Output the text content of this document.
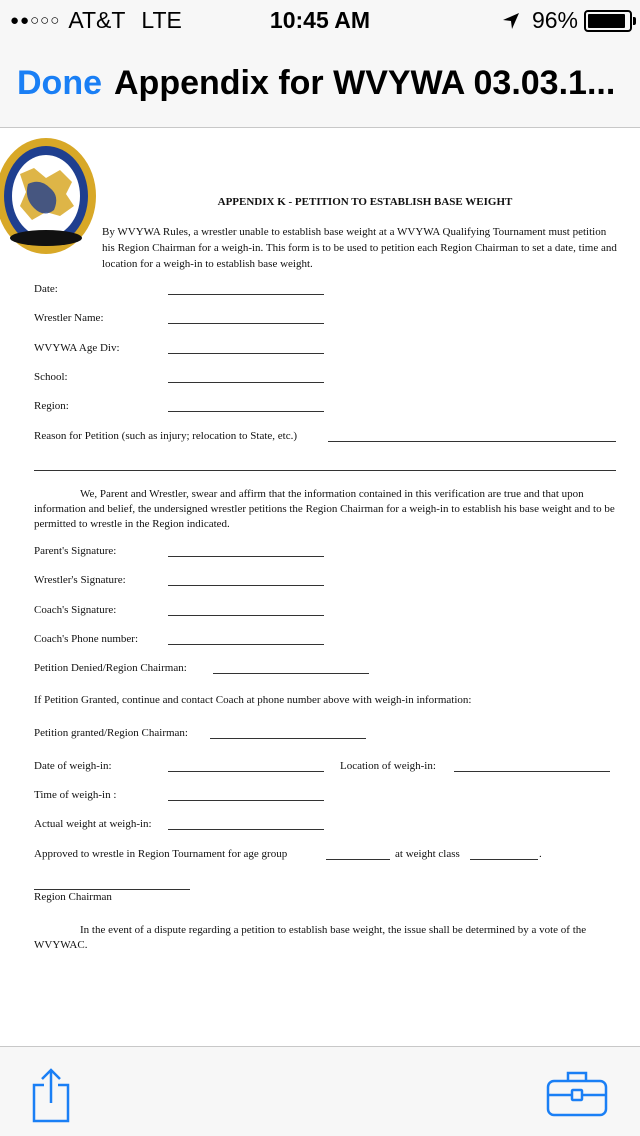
●●○○○ AT&T LTE	10:45 AM	96%
Done Appendix for WVYWA 03.03.1...
APPENDIX K - PETITION TO ESTABLISH BASE WEIGHT
By WVYWA Rules, a wrestler unable to establish base weight at a WVYWA Qualifying Tournament must petition his Region Chairman for a weigh-in. This form is to be used to petition each Region Chairman to set a date, time and location for a weigh-in to establish base weight.
Date:
Wrestler Name:
WVYWA Age Div:
School:
Region:
Reason for Petition (such as injury; relocation to State, etc.)
We, Parent and Wrestler, swear and affirm that the information contained in this verification are true and that upon information and belief, the undersigned wrestler petitions the Region Chairman for a weigh-in to establish his base weight and to be permitted to wrestle in the Region indicated.
Parent's Signature:
Wrestler's Signature:
Coach's Signature:
Coach's Phone number:
Petition Denied/Region Chairman:
If Petition Granted, continue and contact Coach at phone number above with weigh-in information:
Petition granted/Region Chairman:
Date of weigh-in:	Location of weigh-in:
Time of weigh-in :
Actual weight at weigh-in:
Approved to wrestle in Region Tournament for age group	at weight class	.
Region Chairman
In the event of a dispute regarding a petition to establish base weight, the issue shall be determined by a vote of the WVYWAC.
